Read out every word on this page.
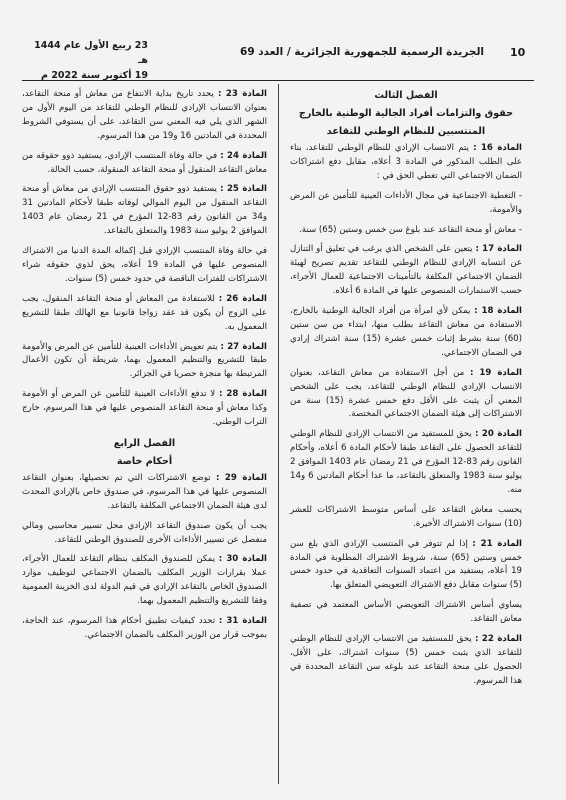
10
الجريدة الرسمية للجمهورية الجزائرية / العدد 69
23 ربيع الأول عام 1444 هـ
19 أكتوبر سنة 2022 م

الفصل الثالث

حقوق والتزامات أفراد الجالية الوطنية بالخارج

المنتسبين للنظام الوطني للتقاعد

المادة 16 : يتم الانتساب الإرادي للنظام الوطني للتقاعد، بناء على الطلب المذكور في المادة 3 أعلاه، مقابل دفع اشتراكات الضمان الاجتماعي التي تغطي الحق في :

- التغطية الاجتماعية في مجال الأداءات العينية للتأمين عن المرض والأمومة،

- معاش أو منحة التقاعد عند بلوغ سن خمس وستين (65) سنة.

المادة 17 : يتعين على الشخص الذي يرغب في تعليق أو التنازل عن انتسابه الإرادي للنظام الوطني للتقاعد تقديم تصريح لهيئة الضمان الاجتماعي المكلفة بالتأمينات الاجتماعية للعمال الأجراء، حسب الاستمارات المنصوص عليها في المادة 6 أعلاه.

المادة 18 : يمكن لأي امرأة من أفراد الجالية الوطنية بالخارج، الاستفادة من معاش التقاعد بطلب منها، ابتداء من سن ستين (60) سنة بشرط إثبات خمس عشرة (15) سنة اشتراك إرادي في الضمان الاجتماعي.

المادة 19 : من أجل الاستفادة من معاش التقاعد، بعنوان الانتساب الإرادي للنظام الوطني للتقاعد، يجب على الشخص المعني أن يثبت على الأقل دفع خمس عشرة (15) سنة من الاشتراكات إلى هيئة الضمان الاجتماعي المختصة.

المادة 20 : يحق للمستفيد من الانتساب الإرادي للنظام الوطني للتقاعد الحصول على التقاعد طبقا لأحكام المادة 6 أعلاه، وأحكام القانون رقم 83-12 المؤرخ في 21 رمضان عام 1403 الموافق 2 يوليو سنة 1983 والمتعلق بالتقاعد، ما عدا أحكام المادتين 6 و14 منه.

يحسب معاش التقاعد على أساس متوسط الاشتراكات للعشر (10) سنوات الاشتراك الأخيرة.

المادة 21 : إذا لم تتوفر في المنتسب الإرادي الذي بلغ سن خمس وستين (65) سنة، شروط الاشتراك المطلوبة في المادة 19 أعلاه، يستفيد من اعتماد السنوات التعاقدية في حدود خمس (5) سنوات مقابل دفع الاشتراك التعويضي المتعلق بها.

يساوي أساس الاشتراك التعويضي الأساس المعتمد في تصفية معاش التقاعد.

المادة 22 : يحق للمستفيد من الانتساب الإرادي للنظام الوطني للتقاعد الذي يثبت خمس (5) سنوات اشتراك، على الأقل، الحصول على منحة التقاعد عند بلوغه سن التقاعد المحددة في هذا المرسوم.

المادة 23 : يحدد تاريخ بداية الانتفاع من معاش أو منحة التقاعد، بعنوان الانتساب الإرادي للنظام الوطني للتقاعد من اليوم الأول من الشهر الذي يلي فيه المعني سن التقاعد، على أن يستوفي الشروط المحددة في المادتين 16 و19 من هذا المرسوم.

المادة 24 : في حالة وفاة المنتسب الإرادي، يستفيد ذوو حقوقه من معاش التقاعد المنقول أو منحة التقاعد المنقولة، حسب الحالة.

المادة 25 : يستفيد ذوو حقوق المنتسب الإرادي من معاش أو منحة التقاعد المنقول من اليوم الموالي لوفاته طبقا لأحكام المادتين 31 و34 من القانون رقم 83-12 المؤرخ في 21 رمضان عام 1403 الموافق 2 يوليو سنة 1983 والمتعلق بالتقاعد.

في حالة وفاة المنتسب الإرادي قبل إكماله المدة الدنيا من الاشتراك المنصوص عليها في المادة 19 أعلاه، يحق لذوي حقوقه شراء الاشتراكات للفترات الناقصة في حدود خمس (5) سنوات.

المادة 26 : للاستفادة من المعاش أو منحة التقاعد المنقول، يجب على الزوج أن يكون قد عقد زواجا قانونيا مع الهالك طبقا للتشريع المعمول به.

المادة 27 : يتم تعويض الأداءات العينية للتأمين عن المرض والأمومة طبقا للتشريع والتنظيم المعمول بهما، شريطة أن تكون الأعمال المرتبطة بها منجزة حصريا في الجزائر.

المادة 28 : لا تدفع الأداءات العينية للتأمين عن المرض أو الأمومة وكذا معاش أو منحة التقاعد المنصوص عليها في هذا المرسوم، خارج التراب الوطني.

الفصل الرابع

أحكام خاصة

المادة 29 : توضع الاشتراكات التي تم تحصيلها، بعنوان التقاعد المنصوص عليها في هذا المرسوم، في صندوق خاص بالإرادي المحدث لدى هيئة الضمان الاجتماعي المكلفة بالتقاعد.

يجب أن يكون صندوق التقاعد الإرادي محل تسيير محاسبي ومالي منفصل عن تسيير الأداءات الأخرى للصندوق الوطني للتقاعد.

المادة 30 : يمكن للصندوق المكلف بنظام التقاعد للعمال الأجراء، عملا بقرارات الوزير المكلف بالضمان الاجتماعي لتوظيف موارد الصندوق الخاص بالتقاعد الإرادي في قيم الدولة لدى الخزينة العمومية وفقا للتشريع والتنظيم المعمول بهما.

المادة 31 : تحدد كيفيات تطبيق أحكام هذا المرسوم، عند الحاجة، بموجب قرار من الوزير المكلف بالضمان الاجتماعي.
